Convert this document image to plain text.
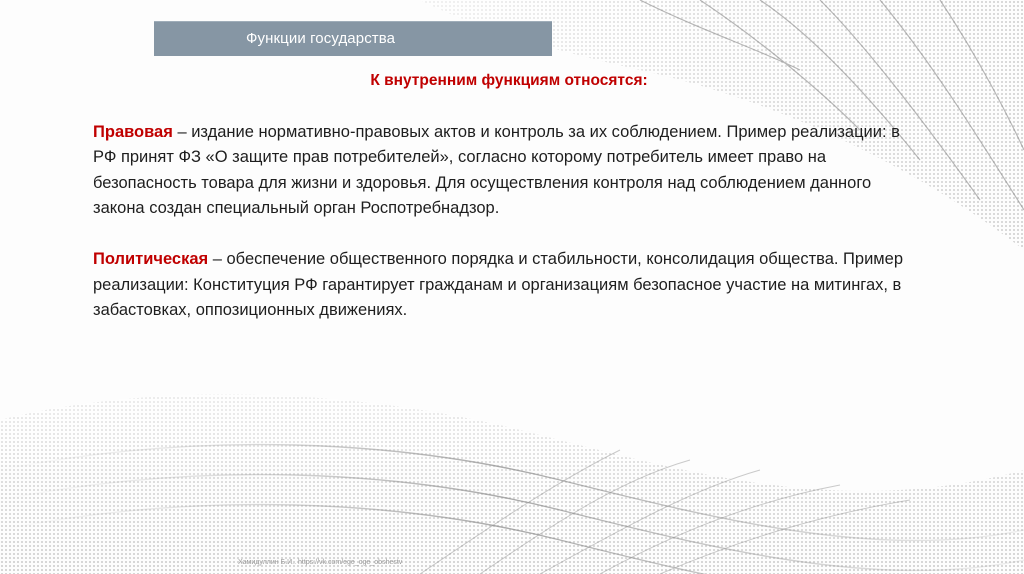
Функции государства
К внутренним функциям относятся:

Правовая – издание нормативно-правовых актов и контроль за их соблюдением. Пример реализации: в РФ принят ФЗ «О защите прав потребителей», согласно которому потребитель имеет право на безопасность товара для жизни и здоровья. Для осуществления контроля над соблюдением данного закона создан специальный орган Роспотребнадзор.

Политическая – обеспечение общественного порядка и стабильности, консолидация общества. Пример реализации: Конституция РФ гарантирует гражданам и организациям безопасное участие на митингах, в забастовках, оппозиционных движениях.

Хамидуллин Б.И.. https://vk.com/ege_oge_obshestv
